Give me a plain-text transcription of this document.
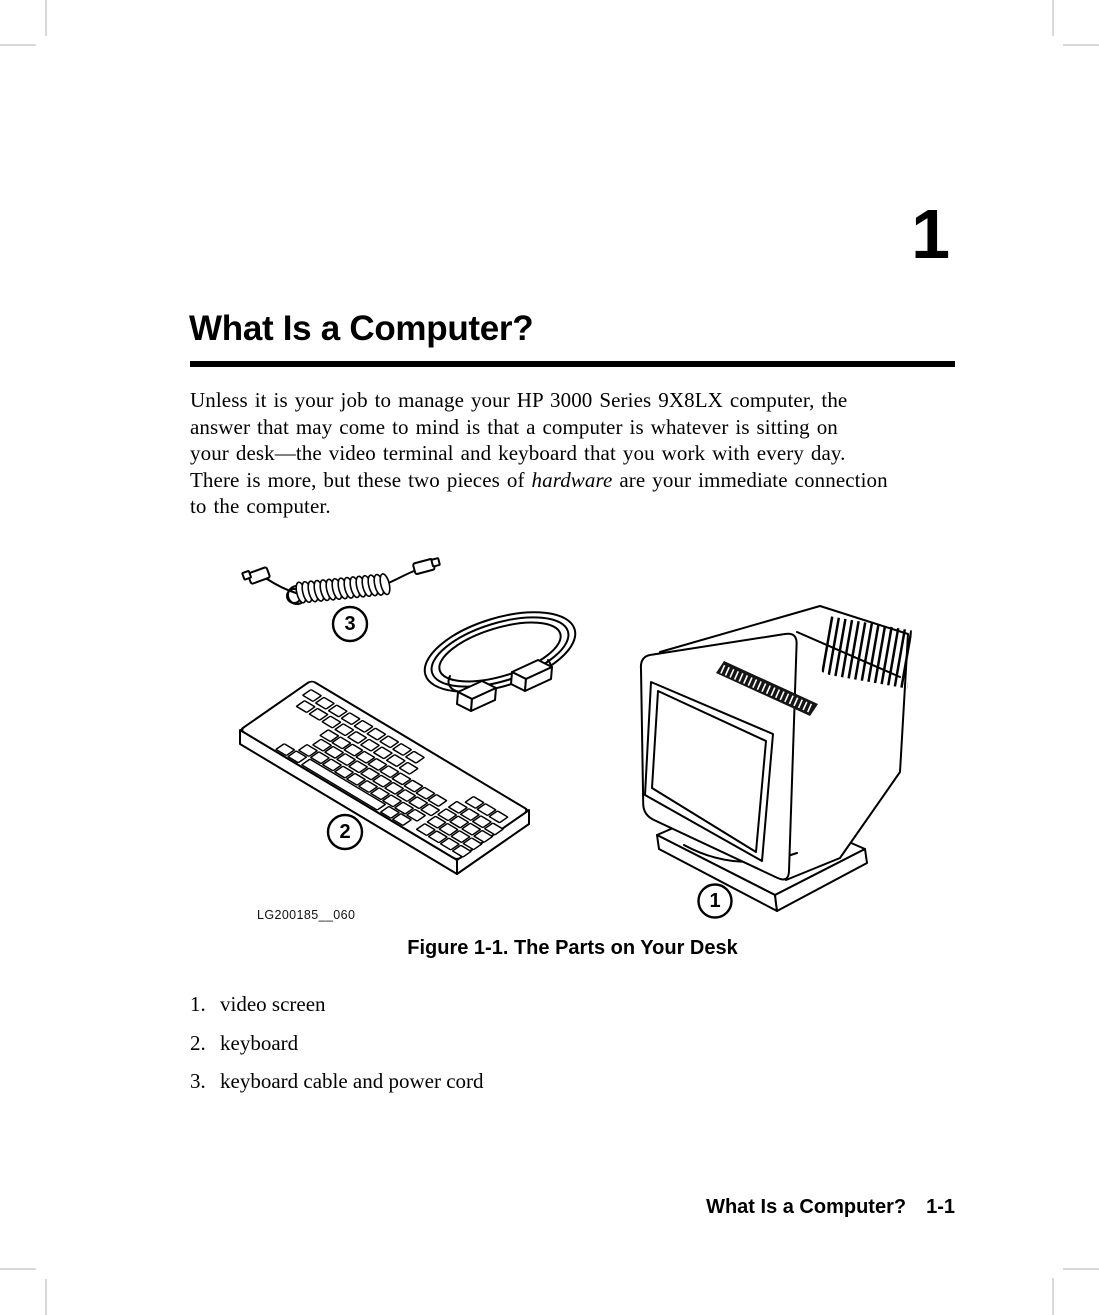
1
What Is a Computer?
Unless it is your job to manage your HP 3000 Series 9X8LX computer, the
answer that may come to mind is that a computer is whatever is sitting on
your desk—the video terminal and keyboard that you work with every day.
There is more, but these two pieces of hardware are your immediate connection
to the computer.
1
2
3
LG200185__060
Figure 1-1. The Parts on Your Desk
1. video screen
2. keyboard
3. keyboard cable and power cord
What Is a Computer? 1-1
